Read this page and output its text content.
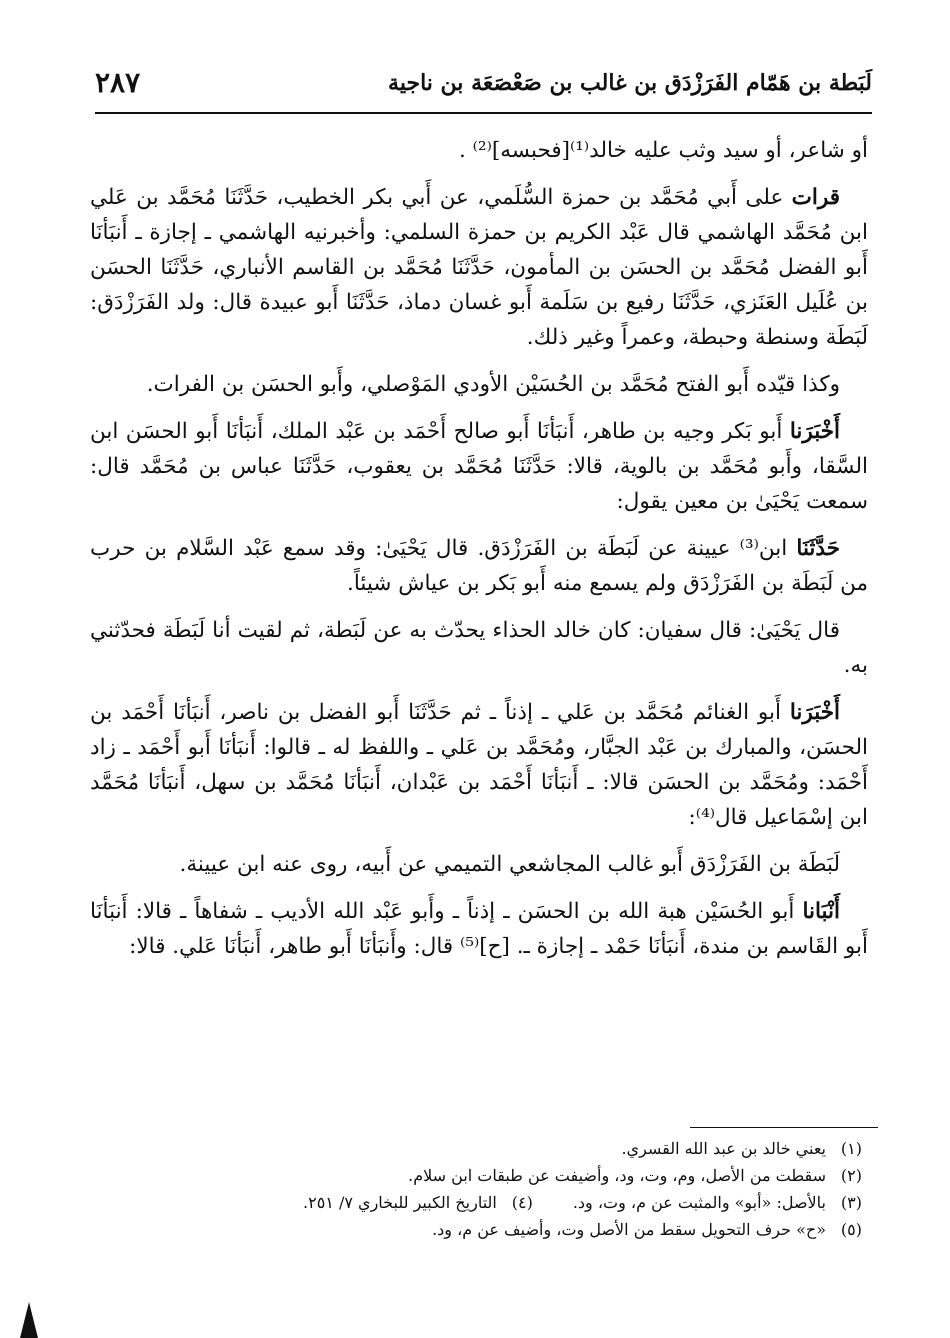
لَبَطة بن هَمّام الفَرَزْدَق بن غالب بن صَعْصَعَة بن ناجية
٢٨٧

أو شاعر، أو سيد وثب عليه خالد⁽¹⁾[فحبسه]⁽²⁾ .

قرات على أَبي مُحَمَّد بن حمزة السُّلَمي، عن أَبي بكر الخطيب، حَدَّثَنَا مُحَمَّد بن عَلي ابن مُحَمَّد الهاشمي قال عَبْد الكريم بن حمزة السلمي: وأخبرنيه الهاشمي ـ إجازة ـ أَنبَأنَا أَبو الفضل مُحَمَّد بن الحسَن بن المأمون، حَدَّثَنَا مُحَمَّد بن القاسم الأنباري، حَدَّثَنَا الحسَن بن عُلَيل العَنَزي، حَدَّثَنَا رفيع بن سَلَمة أَبو غسان دماذ، حَدَّثَنَا أَبو عبيدة قال: ولد الفَرَزْدَق: لَبَطَة وسنطة وحبطة، وعمراً وغير ذلك.

وكذا قيّده أَبو الفتح مُحَمَّد بن الحُسَيْن الأودي المَوْصلي، وأَبو الحسَن بن الفرات.

أَخْبَرَنا أَبو بَكر وجيه بن طاهر، أَنبَأنَا أَبو صالح أَحْمَد بن عَبْد الملك، أَنبَأنَا أَبو الحسَن ابن السَّقا، وأَبو مُحَمَّد بن بالوية، قالا: حَدَّثَنَا مُحَمَّد بن يعقوب، حَدَّثَنَا عباس بن مُحَمَّد قال: سمعت يَحْيَىٰ بن معين يقول:

حَدَّثَنَا ابن⁽³⁾ عيينة عن لَبَطَة بن الفَرَزْدَق. قال يَحْيَىٰ: وقد سمع عَبْد السَّلام بن حرب من لَبَطَة بن الفَرَزْدَق ولم يسمع منه أَبو بَكر بن عياش شيئاً.

قال يَحْيَىٰ: قال سفيان: كان خالد الحذاء يحدّث به عن لَبَطة، ثم لقيت أنا لَبَطَة فحدّثني به.

أَخْبَرَنا أَبو الغنائم مُحَمَّد بن عَلي ـ إذناً ـ ثم حَدَّثَنَا أَبو الفضل بن ناصر، أَنبَأنَا أَحْمَد بن الحسَن، والمبارك بن عَبْد الجبَّار، ومُحَمَّد بن عَلي ـ واللفظ له ـ قالوا: أَنبَأنَا أَبو أَحْمَد ـ زاد أَحْمَد: ومُحَمَّد بن الحسَن قالا: ـ أَنبَأنَا أَحْمَد بن عَبْدان، أَنبَأنَا مُحَمَّد بن سهل، أَنبَأنَا مُحَمَّد ابن إسْمَاعيل قال⁽⁴⁾:

لَبَطَة بن الفَرَزْدَق أَبو غالب المجاشعي التميمي عن أَبيه، روى عنه ابن عيينة.

أَنْبَانا أَبو الحُسَيْن هبة الله بن الحسَن ـ إذناً ـ وأَبو عَبْد الله الأديب ـ شفاهاً ـ قالا: أَنبَأنَا أَبو القَاسم بن مندة، أَنبَأنَا حَمْد ـ إجازة ـ. [ح]⁽⁵⁾ قال: وأَنبَأنَا أَبو طاهر، أَنبَأنَا عَلي. قالا:

(١)يعني خالد بن عبد الله القسري.
(٢)سقطت من الأصل، وم، وت، ود، وأضيفت عن طبقات ابن سلام.
(٣)بالأصل: «أبو» والمثبت عن م، وت، ود.(٤)التاريخ الكبير للبخاري ٧/ ٢٥١.
(٥)«ح» حرف التحويل سقط من الأصل وت، وأضيف عن م، ود.
